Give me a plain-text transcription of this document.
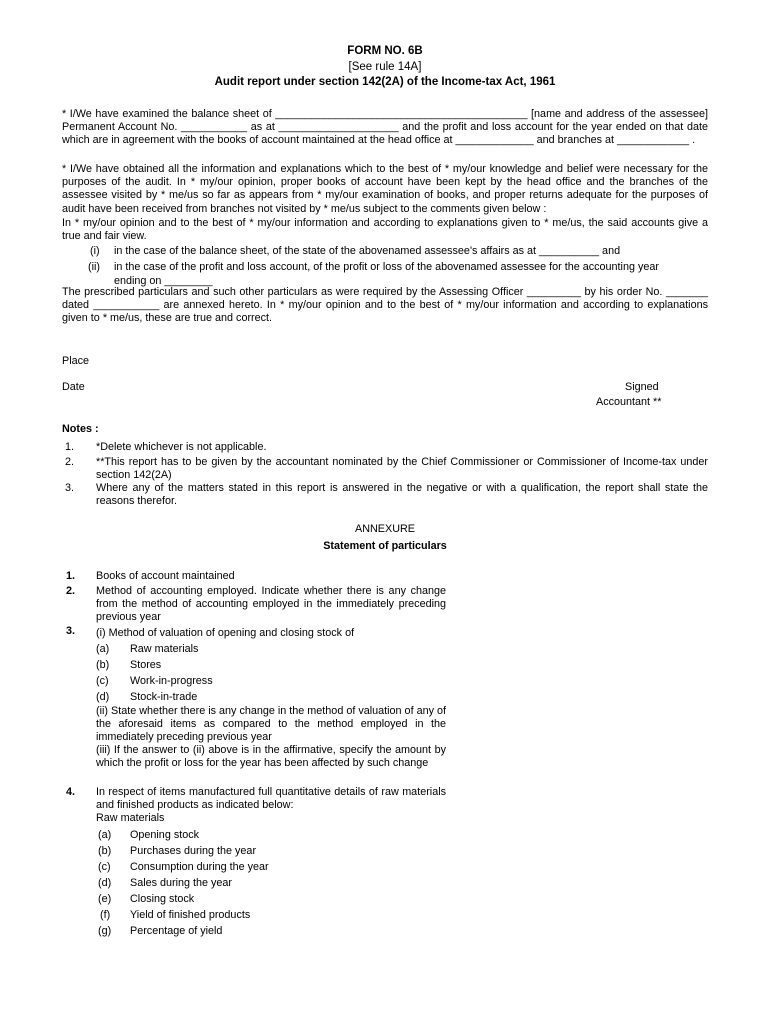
FORM NO. 6B
[See rule 14A]
Audit report under section 142(2A) of the Income-tax Act, 1961
* I/We have examined the balance sheet of __________________________________________ [name and address of the assessee] Permanent Account No. ___________ as at ____________________ and the profit and loss account for the year ended on that date which are in agreement with the books of account maintained at the head office at _____________ and branches at ____________ .
* I/We have obtained all the information and explanations which to the best of * my/our knowledge and belief were necessary for the purposes of the audit. In * my/our opinion, proper books of account have been kept by the head office and the branches of the assessee visited by * me/us so far as appears from * my/our examination of books, and proper returns adequate for the purposes of audit have been received from branches not visited by * me/us subject to the comments given below :
In * my/our opinion and to the best of * my/our information and according to explanations given to * me/us, the said accounts give a true and fair view.
(i) in the case of the balance sheet, of the state of the abovenamed assessee's affairs as at __________ and
(ii) in the case of the profit and loss account, of the profit or loss of the abovenamed assessee for the accounting year
ending on ________
The prescribed particulars and such other particulars as were required by the Assessing Officer _________ by his order No. _______ dated ___________ are annexed hereto. In * my/our opinion and to the best of * my/our information and according to explanations given to * me/us, these are true and correct.
Place
Date	Signed
Accountant **
Notes :
1. *Delete whichever is not applicable.
2. **This report has to be given by the accountant nominated by the Chief Commissioner or Commissioner of Income-tax under section 142(2A)
3. Where any of the matters stated in this report is answered in the negative or with a qualification, the report shall state the reasons therefor.
ANNEXURE
Statement of particulars
1. Books of account maintained
2. Method of accounting employed. Indicate whether there is any change from the method of accounting employed in the immediately preceding previous year
3. (i) Method of valuation of opening and closing stock of
(a) Raw materials
(b) Stores
(c) Work-in-progress
(d) Stock-in-trade
(ii) State whether there is any change in the method of valuation of any of the aforesaid items as compared to the method employed in the immediately preceding previous year
(iii) If the answer to (ii) above is in the affirmative, specify the amount by which the profit or loss for the year has been affected by such change
4. In respect of items manufactured full quantitative details of raw materials and finished products as indicated below:
Raw materials
(a) Opening stock
(b) Purchases during the year
(c) Consumption during the year
(d) Sales during the year
(e) Closing stock
(f) Yield of finished products
(g) Percentage of yield
